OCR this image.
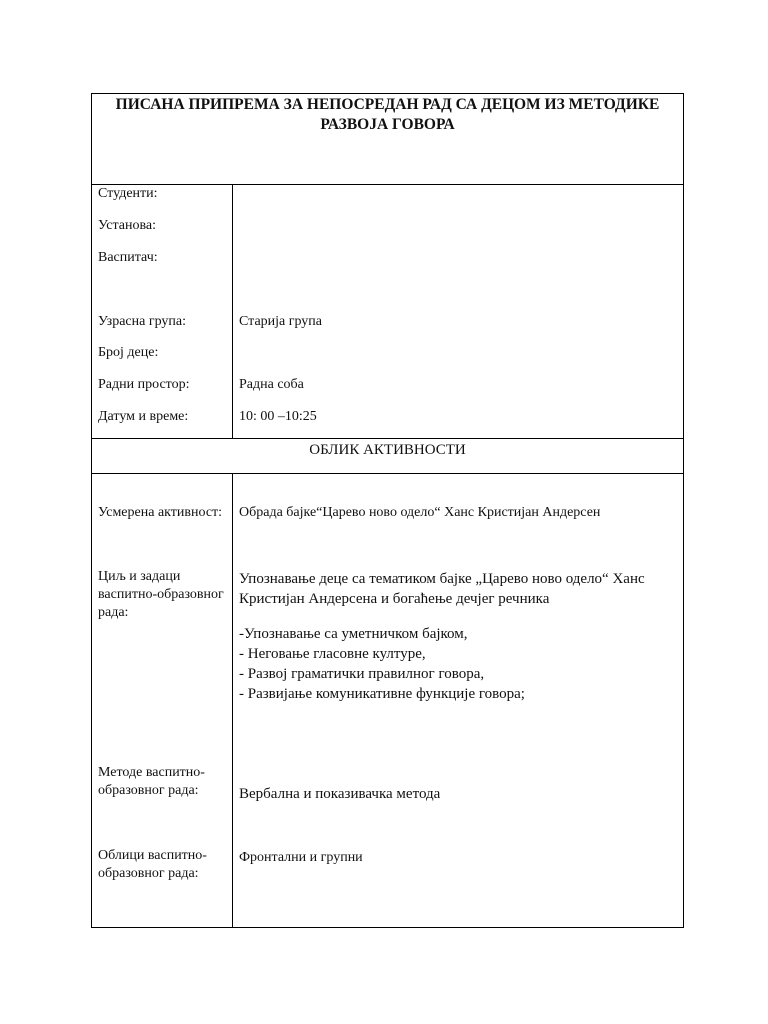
ПИСАНА ПРИПРЕМА ЗА НЕПОСРЕДАН РАД СА ДЕЦОМ ИЗ МЕТОДИКЕ
РАЗВОЈА ГОВОРА
Студенти:
Установа:
Васпитач:
Узрасна група:	Старија група
Број деце:
Радни простор:	Радна соба
Датум и време:	10: 00 –10:25
ОБЛИК АКТИВНОСТИ
Усмерена активност: Обрада бајке“Царево ново одело“ Ханс Кристијан Андерсен
Циљ и задаци васпитно-образовног рада:
Упознавање деце са тематиком бајке „Царево ново одело“ Ханс Кристијан Андерсена и богаћење дечјег речника
-Упознавање са уметничком бајком,
- Неговање гласовне културе,
- Развој граматички правилног говора,
- Развијање комуникативне функције говора;
Методе васпитно-образовног рада:	Вербална и показивачка метода
Облици васпитно-образовног рада:
Фронтални и групни
